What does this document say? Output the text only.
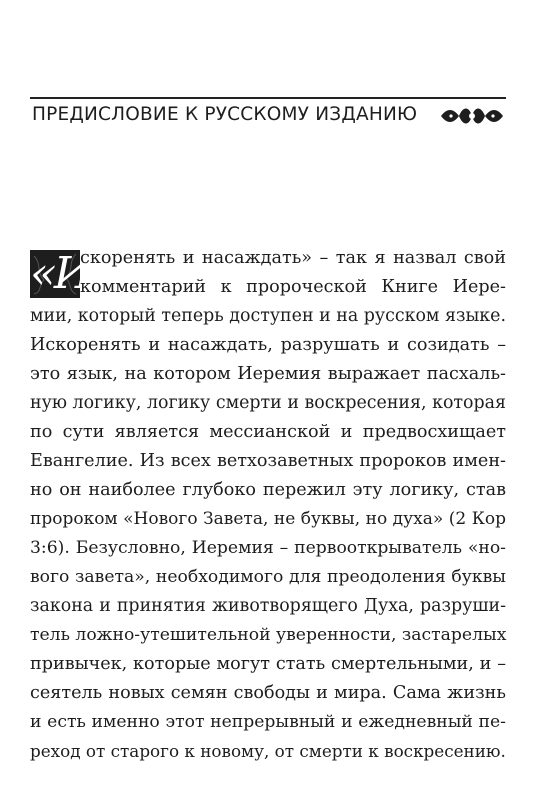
ПРЕДИСЛОВИЕ К РУССКОМУ ИЗДАНИЮ
«И
скоренять и насаждать» – так я назвал свой
комментарий к пророческой Книге Иере-
мии, который теперь доступен и на русском языке.
Искоренять и насаждать, разрушать и созидать –
это язык, на котором Иеремия выражает пасхаль-
ную логику, логику смерти и воскресения, которая
по сути является мессианской и предвосхищает
Евангелие. Из всех ветхозаветных пророков имен-
но он наиболее глубоко пережил эту логику, став
пророком «Нового Завета, не буквы, но духа» (2 Кор
3:6). Безусловно, Иеремия – первооткрыватель «но-
вого завета», необходимого для преодоления буквы
закона и принятия животворящего Духа, разруши-
тель ложно-утешительной уверенности, застарелых
привычек, которые могут стать смертельными, и –
сеятель новых семян свободы и мира. Сама жизнь
и есть именно этот непрерывный и ежедневный пе-
реход от старого к новому, от смерти к воскресению.
